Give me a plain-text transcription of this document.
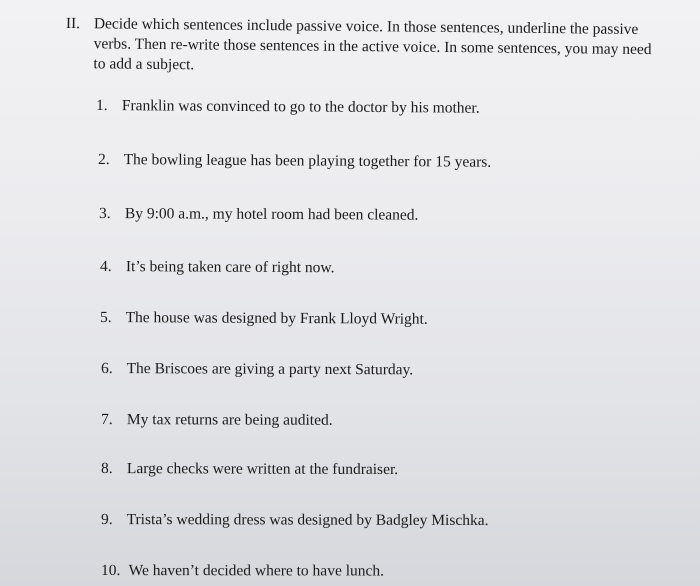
II. Decide which sentences include passive voice. In those sentences, underline the passive verbs. Then re-write those sentences in the active voice. In some sentences, you may need to add a subject.
1. Franklin was convinced to go to the doctor by his mother.
2. The bowling league has been playing together for 15 years.
3. By 9:00 a.m., my hotel room had been cleaned.
4. It’s being taken care of right now.
5. The house was designed by Frank Lloyd Wright.
6. The Briscoes are giving a party next Saturday.
7. My tax returns are being audited.
8. Large checks were written at the fundraiser.
9. Trista’s wedding dress was designed by Badgley Mischka.
10. We haven’t decided where to have lunch.
